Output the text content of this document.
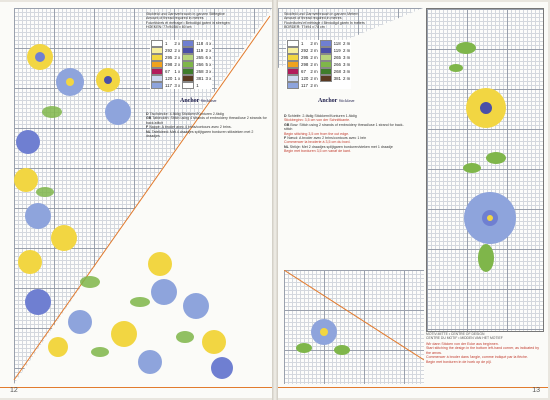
Stickfeld und Garnverbrauch in ganzen Stiftegtive
Amount of thread required in metres
Fournitures et métrage • Benodigd garen in strengen
HOEKEN: 77x94/56 x 80 cm
	1	2 x		118	4 x
	292	2 x		119	2 x
	295	2 x		265	6 x
	298	2 x		266	5 x
	67	1 x		268	3 x
	120	1 x		381	3 x
	117	3 x		1	
Anchor Stickfaser
D Tischdecke: 4-fädig Stickkern/Konturen 2-fädig
GB Tablecloth: Stitch using 4 strands of embroidery thread/use 2 strands for back-stitch
F Nappe: A broder avec 4 brins/contours avec 2 brins.
NL Tafelkleed: Met 4 draadjes splijtgaren borduren stiksteken met 2 draadjes
12
Stickfeld und Garnverbrauch in ganzen Metern
Amount of thread required in metres
Fournitures et métrage • Benodigd garen in meters
BORDER: 77x94 x 78 cm
	1	2 m		118	2 m
	292	2 m		119	2 m
	295	2 m		265	3 m
	298	2 m		266	3 m
	67	2 m		268	3 m
	120	2 m		381	2 m
	117	2 m			
Anchor Stickfaser
D Schleife: 2-fädig Stickkern/Konturen 1-fädig
Stickbeginn: 3,5 cm von der Schnittkante.
GB Bow: Stitch using 2 strands of embroidery thread/use 1 strand for back-stitch
Begin stitching 3,5 cm from the cut edge.
F Nœud: A broder avec 2 brins/contours avec 1 brin
Commencer la broderie à 3,5 cm du bord.
NL Strikje: Met 2 draadjes splijtgaren borduren/steken met 1 draadje
Begin met borduren 3,5 cm vanaf de kant.
MOTIV-MITTE • CENTRE OF DESIGN
CENTRE DU MOTIF • MIDDEN VAN HET MOTIEF
Wir dann Sticken von der Ecke aus beginnen.
Start stitching the design in the bottom left-hand corner, as indicated by the arrow.
Commencer à broder dans l'angle, comme indiqué par la flèche.
Begin met borduren in de hoek op de pijl.
13
